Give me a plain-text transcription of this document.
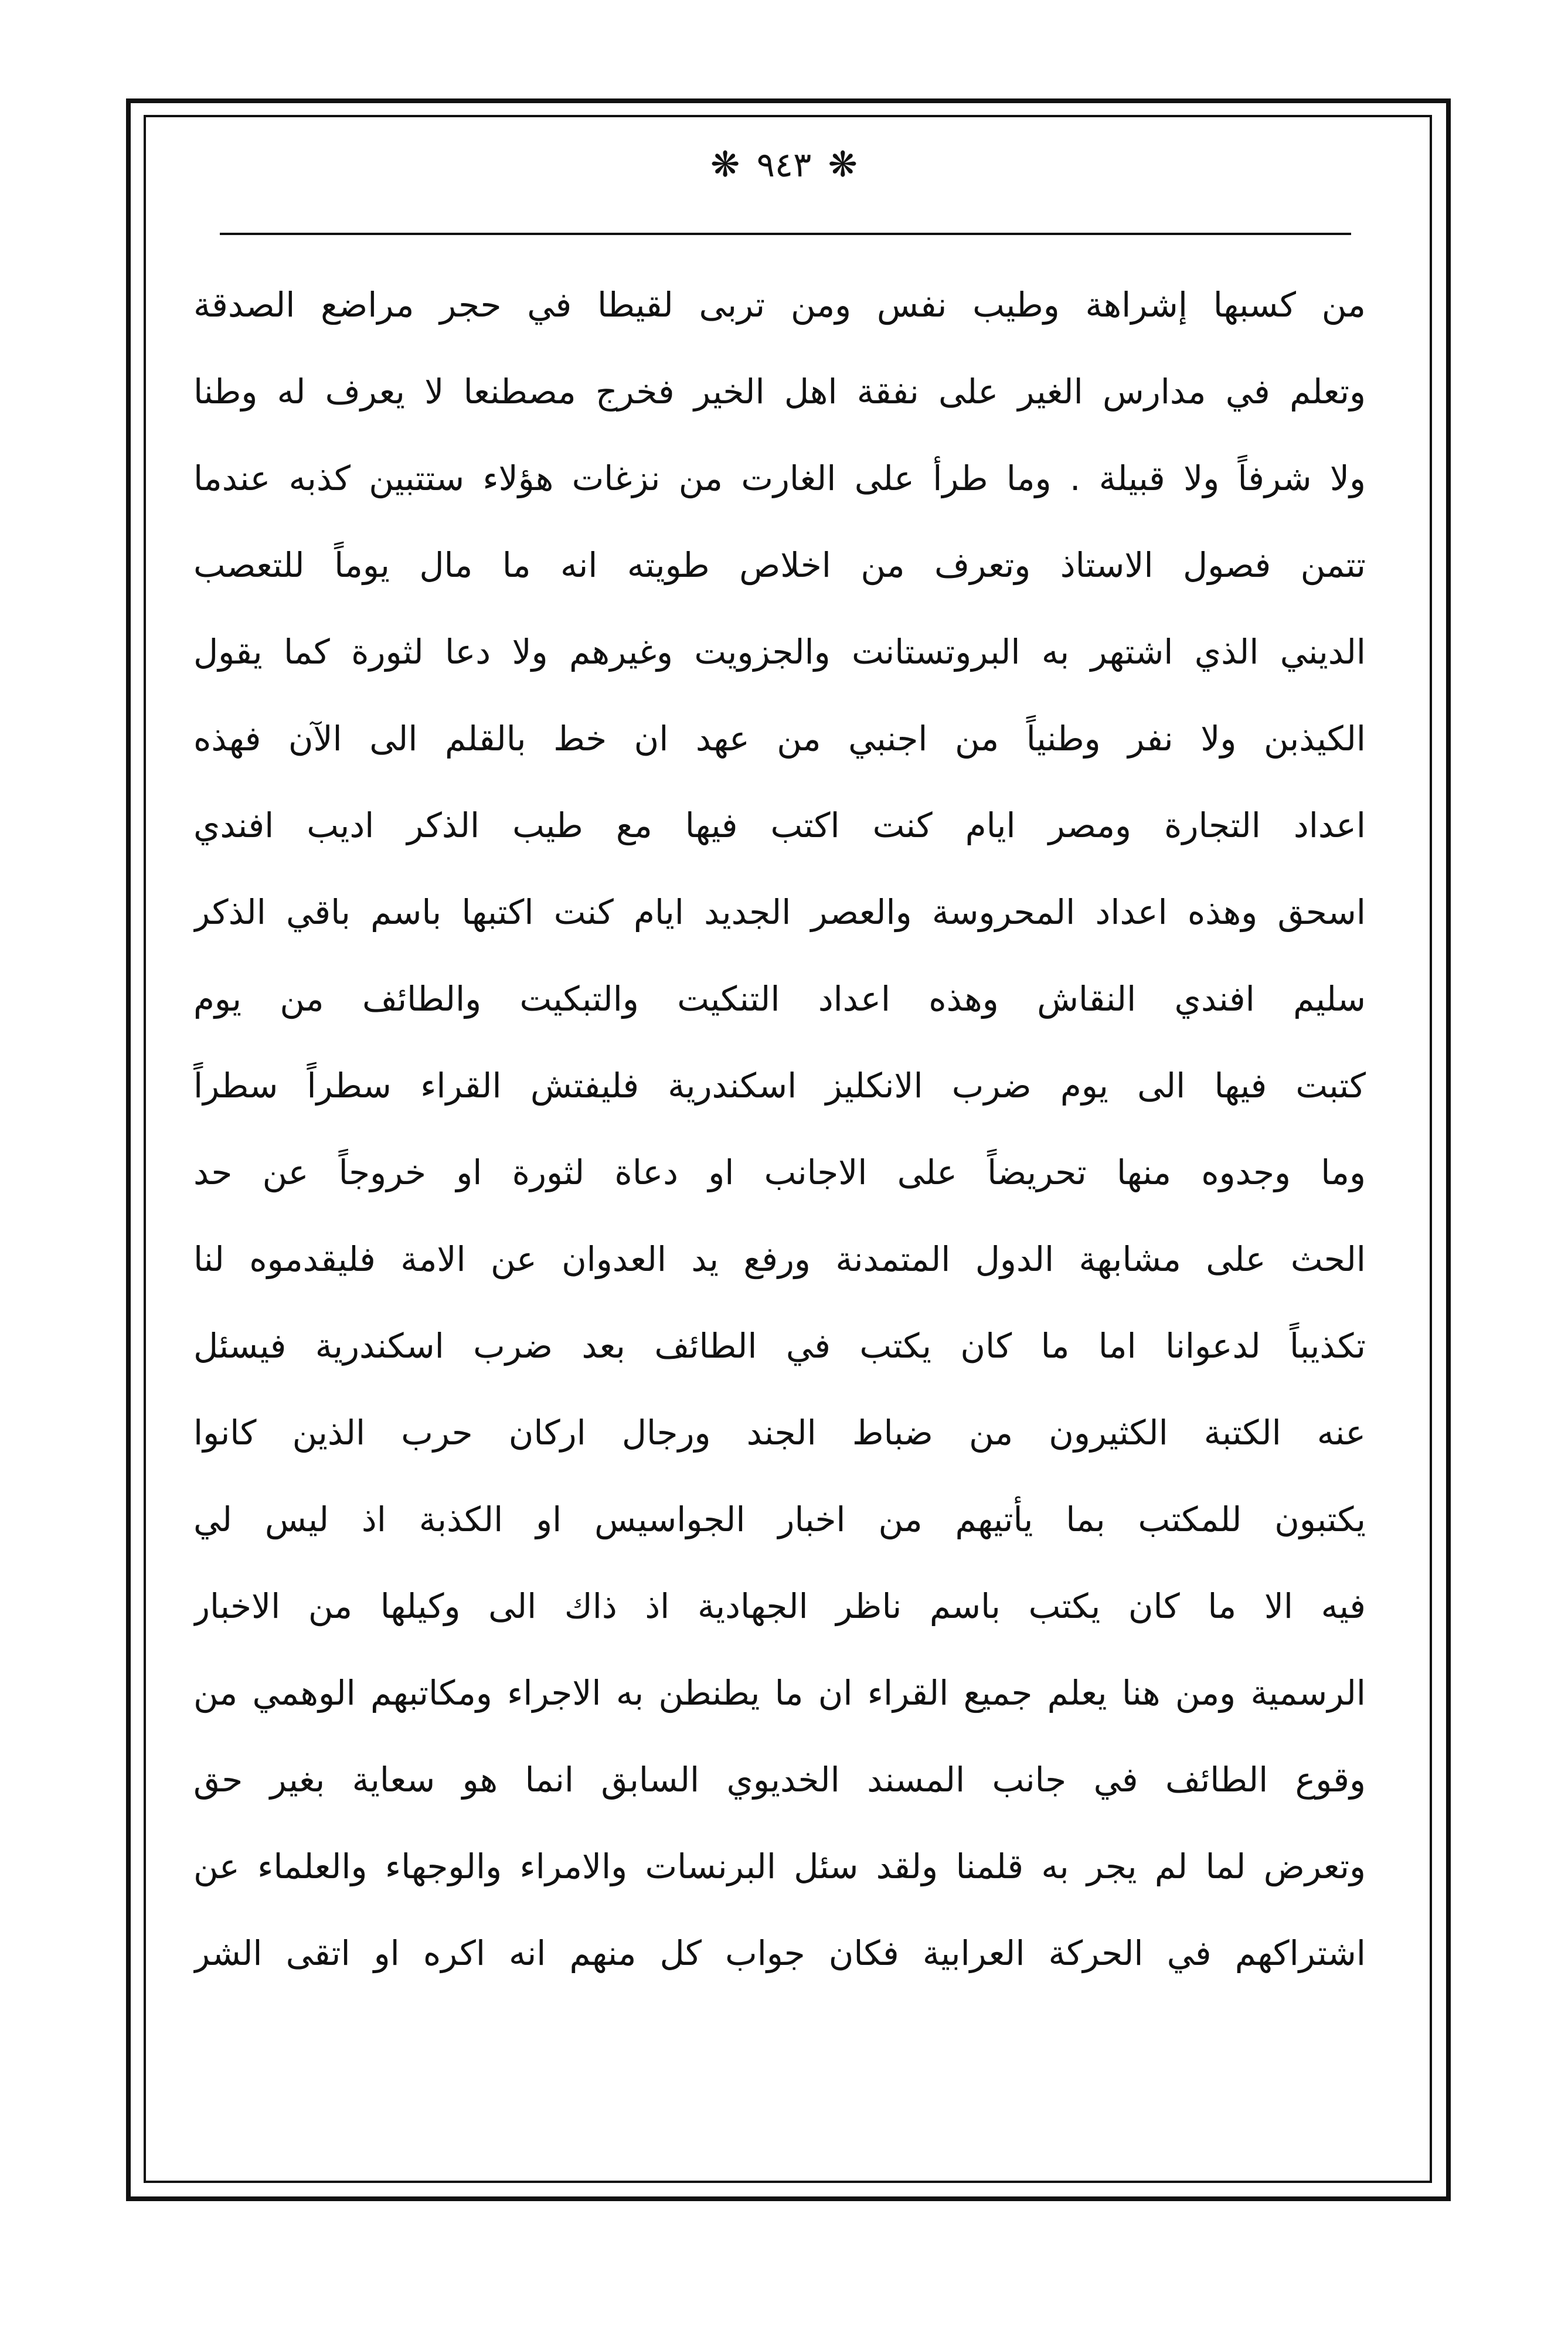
❋ ٩٤٣ ❋
من كسبها إشراهة وطيب نفس ومن تربى لقيطا في حجر مراضع الصدقة
وتعلم في مدارس الغير على نفقة اهل الخير فخرج مصطنعا لا يعرف له وطنا
ولا شرفاً ولا قبيلة . وما طرأ على الغارت من نزغات هؤلاء ستتبين كذبه عندما
تتمن فصول الاستاذ وتعرف من اخلاص طويته انه ما مال يوماً للتعصب
الديني الذي اشتهر به البروتستانت والجزويت وغيرهم ولا دعا لثورة كما يقول
الكيذبن ولا نفر وطنياً من اجنبي من عهد ان خط بالقلم الى الآن فهذه
اعداد التجارة ومصر ايام كنت اكتب فيها مع طيب الذكر اديب افندي
اسحق وهذه اعداد المحروسة والعصر الجديد ايام كنت اكتبها باسم باقي الذكر
سليم افندي النقاش وهذه اعداد التنكيت والتبكيت والطائف من يوم
كتبت فيها الى يوم ضرب الانكليز اسكندرية فليفتش القراء سطراً سطراً
وما وجدوه منها تحريضاً على الاجانب او دعاة لثورة او خروجاً عن حد
الحث على مشابهة الدول المتمدنة ورفع يد العدوان عن الامة فليقدموه لنا
تكذيباً لدعوانا اما ما كان يكتب في الطائف بعد ضرب اسكندرية فيسئل
عنه الكتبة الكثيرون من ضباط الجند ورجال اركان حرب الذين كانوا
يكتبون للمكتب بما يأتيهم من اخبار الجواسيس او الكذبة اذ ليس لي
فيه الا ما كان يكتب باسم ناظر الجهادية اذ ذاك الى وكيلها من الاخبار
الرسمية ومن هنا يعلم جميع القراء ان ما يطنطن به الاجراء ومكاتبهم الوهمي من
وقوع الطائف في جانب المسند الخديوي السابق انما هو سعاية بغير حق
وتعرض لما لم يجر به قلمنا ولقد سئل البرنسات والامراء والوجهاء والعلماء عن
اشتراكهم في الحركة العرابية فكان جواب كل منهم انه اكره او اتقى الشر
